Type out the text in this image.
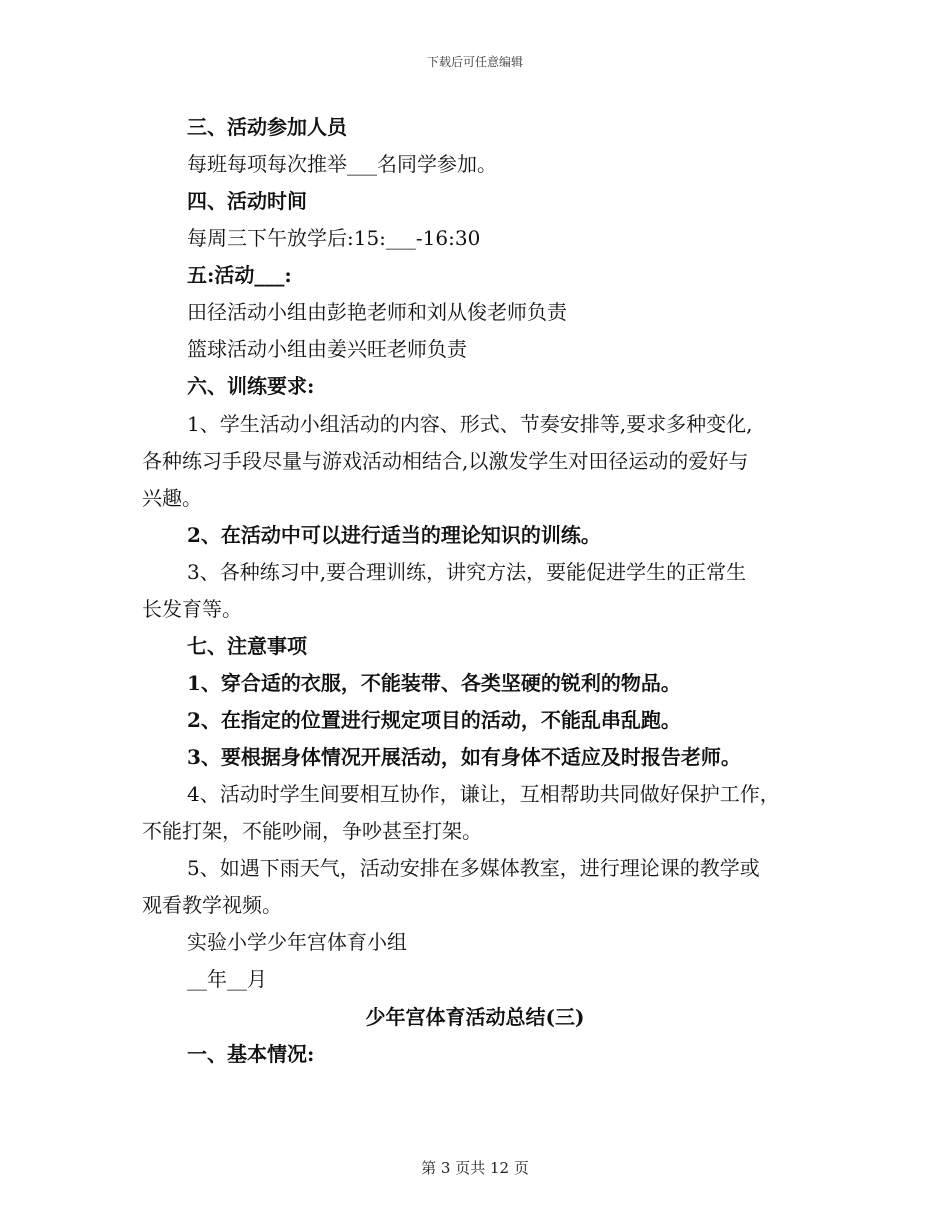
下载后可任意编辑
三、活动参加人员
每班每项每次推举___名同学参加。
四、活动时间
每周三下午放学后:15:___-16:30
五:活动___:
田径活动小组由彭艳老师和刘从俊老师负责
篮球活动小组由姜兴旺老师负责
六、训练要求:
1、学生活动小组活动的内容、形式、节奏安排等,要求多种变化,
各种练习手段尽量与游戏活动相结合,以激发学生对田径运动的爱好与
兴趣。
2、在活动中可以进行适当的理论知识的训练。
3、各种练习中,要合理训练，讲究方法，要能促进学生的正常生
长发育等。
七、注意事项
1、穿合适的衣服，不能装带、各类坚硬的锐利的物品。
2、在指定的位置进行规定项目的活动，不能乱串乱跑。
3、要根据身体情况开展活动，如有身体不适应及时报告老师。
4、活动时学生间要相互协作，谦让，互相帮助共同做好保护工作，
不能打架，不能吵闹，争吵甚至打架。
5、如遇下雨天气，活动安排在多媒体教室，进行理论课的教学或
观看教学视频。
实验小学少年宫体育小组
__年__月
少年宫体育活动总结(三)
一、基本情况:
第 3 页共 12 页
